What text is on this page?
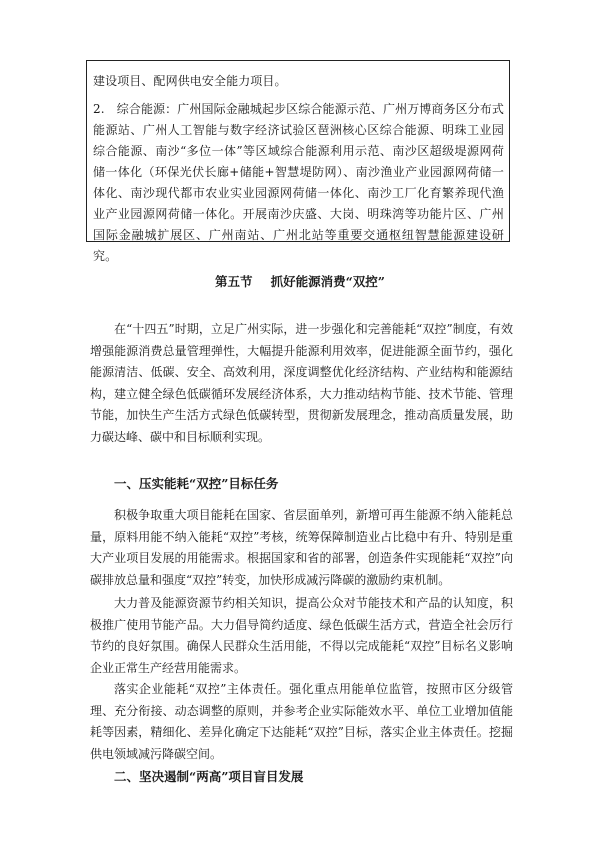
建设项目、配网供电安全能力项目。

2.　综合能源：广州国际金融城起步区综合能源示范、广州万博商务区分布式能源站、广州人工智能与数字经济试验区琶洲核心区综合能源、明珠工业园综合能源、南沙“多位一体”等区域综合能源利用示范、南沙区超级堤源网荷储一体化（环保光伏长廊+储能+智慧堤防网）、南沙渔业产业园源网荷储一体化、南沙现代都市农业实业园源网荷储一体化、南沙工厂化育繁养现代渔业产业园源网荷储一体化。开展南沙庆盛、大岗、明珠湾等功能片区、广州国际金融城扩展区、广州南站、广州北站等重要交通枢纽智慧能源建设研究。

第五节 抓好能源消费“双控”

在“十四五”时期，立足广州实际，进一步强化和完善能耗“双控”制度，有效增强能源消费总量管理弹性，大幅提升能源利用效率，促进能源全面节约，强化能源清洁、低碳、安全、高效利用，深度调整优化经济结构、产业结构和能源结构，建立健全绿色低碳循环发展经济体系，大力推动结构节能、技术节能、管理节能，加快生产生活方式绿色低碳转型，贯彻新发展理念，推动高质量发展，助力碳达峰、碳中和目标顺利实现。

一、压实能耗“双控”目标任务

积极争取重大项目能耗在国家、省层面单列，新增可再生能源不纳入能耗总量，原料用能不纳入能耗“双控”考核，统筹保障制造业占比稳中有升、特别是重大产业项目发展的用能需求。根据国家和省的部署，创造条件实现能耗“双控”向碳排放总量和强度“双控”转变，加快形成减污降碳的激励约束机制。

大力普及能源资源节约相关知识，提高公众对节能技术和产品的认知度，积极推广使用节能产品。大力倡导简约适度、绿色低碳生活方式，营造全社会厉行节约的良好氛围。确保人民群众生活用能，不得以完成能耗“双控”目标名义影响企业正常生产经营用能需求。

落实企业能耗“双控”主体责任。强化重点用能单位监管，按照市区分级管理、充分衔接、动态调整的原则，并参考企业实际能效水平、单位工业增加值能耗等因素，精细化、差异化确定下达能耗“双控”目标，落实企业主体责任。挖掘供电领域减污降碳空间。

二、坚决遏制“两高”项目盲目发展
